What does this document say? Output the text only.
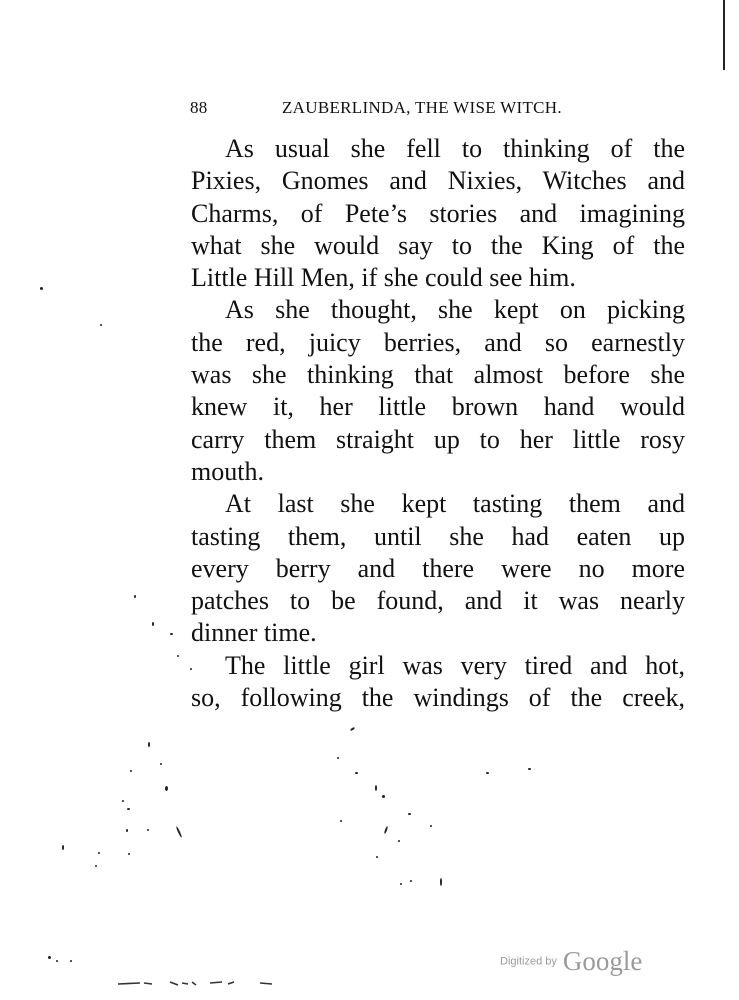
88	ZAUBERLINDA, THE WISE WITCH.
As usual she fell to thinking of the
Pixies, Gnomes and Nixies, Witches and
Charms, of Pete’s stories and imagining
what she would say to the King of the
Little Hill Men, if she could see him.
As she thought, she kept on picking
the red, juicy berries, and so earnestly
was she thinking that almost before she
knew it, her little brown hand would
carry them straight up to her little rosy
mouth.
At last she kept tasting them and
tasting them, until she had eaten up
every berry and there were no more
patches to be found, and it was nearly
dinner time.
The little girl was very tired and hot,
so, following the windings of the creek,
Digitized by Google
